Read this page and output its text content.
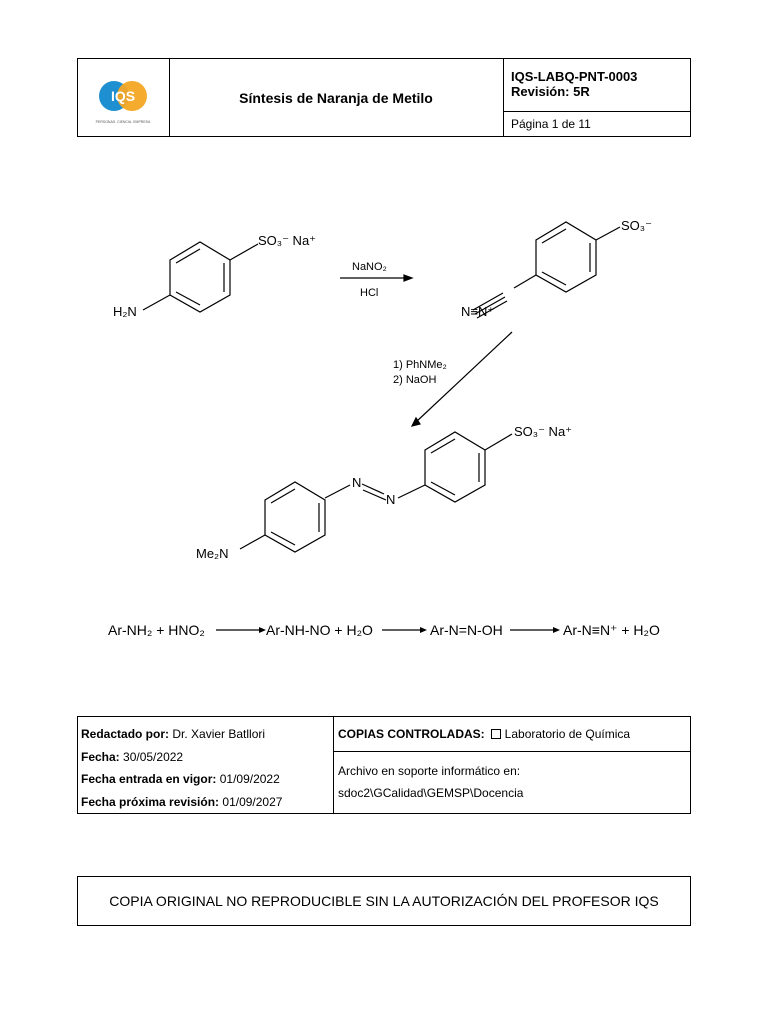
IQS
PERSONAS. CIENCIA. EMPRESA
Síntesis de Naranja de Metilo
IQS-LABQ-PNT-0003
Revisión: 5R
Página 1 de 11
SO₃⁻ Na⁺
H₂N
NaNO₂
HCl
SO₃⁻
N≡N⁺
1) PhNMe₂
2) NaOH
SO₃⁻ Na⁺
N
N
Me₂N
Ar-NH₂ + HNO₂	Ar-NH-NO + H₂O	Ar-N=N-OH	Ar-N≡N⁺ + H₂O
Redactado por: Dr. Xavier Batllori
Fecha: 30/05/2022
Fecha entrada en vigor: 01/09/2022
Fecha próxima revisión: 01/09/2027
COPIAS CONTROLADAS: Laboratorio de Química
Archivo en soporte informático en:
sdoc2\GCalidad\GEMSP\Docencia
COPIA ORIGINAL NO REPRODUCIBLE SIN LA AUTORIZACIÓN DEL PROFESOR IQS
